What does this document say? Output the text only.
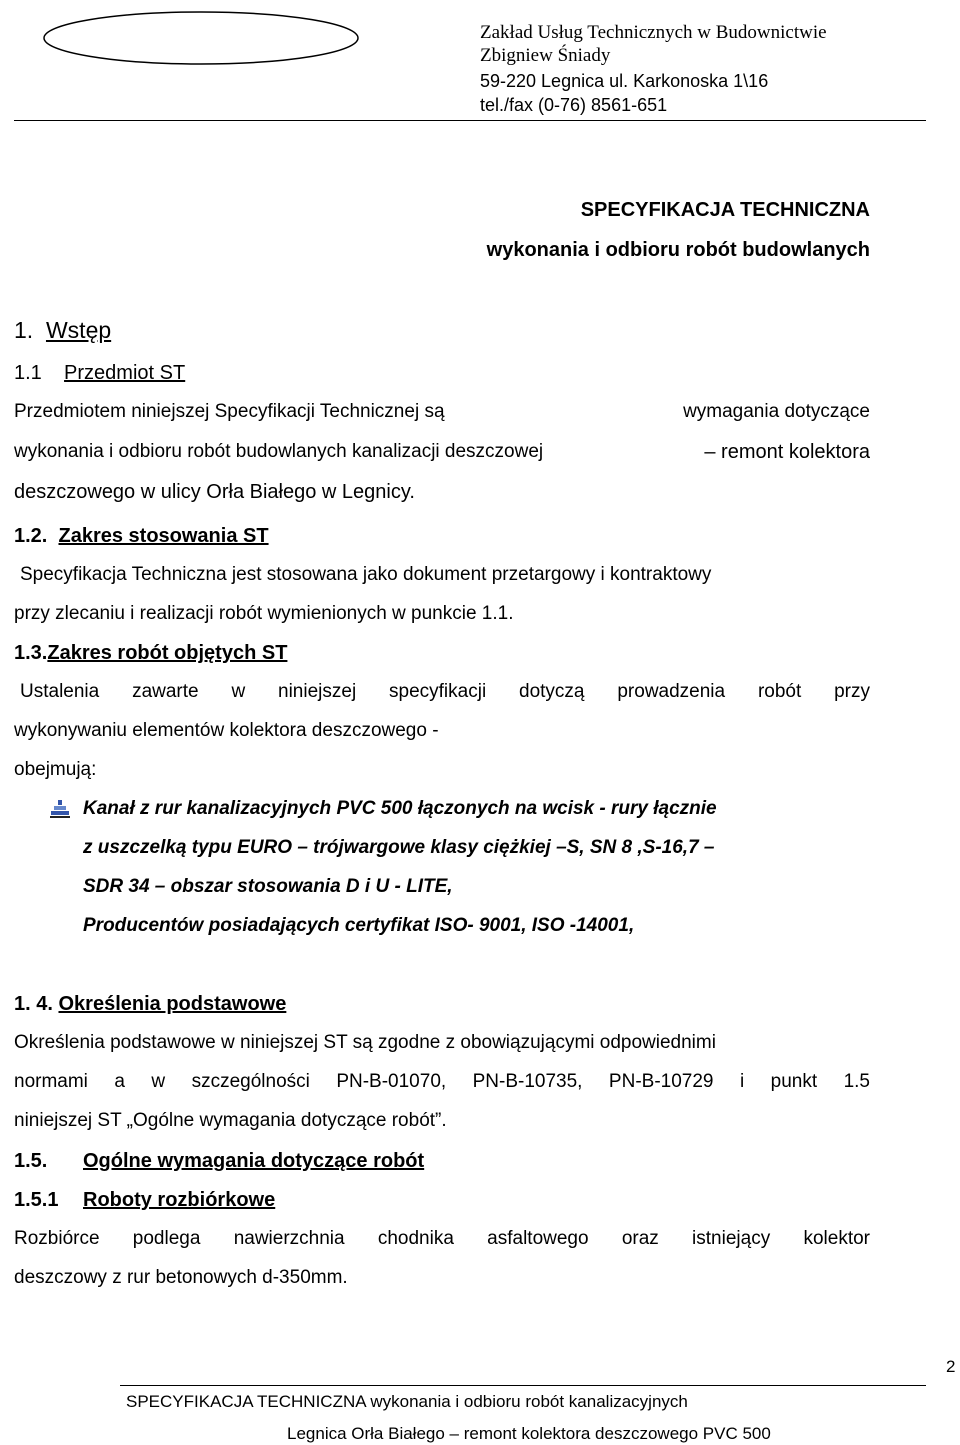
Zakład Usług Technicznych w Budownictwie
Zbigniew Śniady
59-220 Legnica ul. Karkonoska 1\16
tel./fax (0-76) 8561-651
SPECYFIKACJA TECHNICZNA
wykonania i odbioru robót budowlanych
1. Wstęp
1.1 Przedmiot ST
Przedmiotem niniejszej Specyfikacji Technicznej są	wymagania dotyczące
wykonania i odbioru robót budowlanych kanalizacji deszczowej	– remont kolektora
deszczowego w ulicy Orła Białego w Legnicy.
1.2. Zakres stosowania ST
Specyfikacja Techniczna jest stosowana jako dokument przetargowy i kontraktowy
przy zlecaniu i realizacji robót wymienionych w punkcie 1.1.
1.3.Zakres robót objętych ST
Ustalenia zawarte w niniejszej specyfikacji dotyczą prowadzenia robót przy
wykonywaniu elementów kolektora deszczowego -
obejmują:
Kanał z rur kanalizacyjnych PVC 500 łączonych na wcisk - rury łącznie
z uszczelką typu EURO – trójwargowe klasy ciężkiej –S, SN 8 ,S-16,7 –
SDR 34 – obszar stosowania D i U - LITE,
Producentów posiadających certyfikat ISO- 9001, ISO -14001,
1. 4. Określenia podstawowe
Określenia podstawowe w niniejszej ST są zgodne z obowiązującymi odpowiednimi
normami a w szczególności PN-B-01070, PN-B-10735, PN-B-10729 i punkt 1.5
niniejszej ST „Ogólne wymagania dotyczące robót”.
1.5. Ogólne wymagania dotyczące robót
1.5.1 Roboty rozbiórkowe
Rozbiórce podlega nawierzchnia chodnika asfaltowego oraz istniejący kolektor
deszczowy z rur betonowych d-350mm.
2
SPECYFIKACJA TECHNICZNA wykonania i odbioru robót kanalizacyjnych
Legnica Orła Białego – remont kolektora deszczowego PVC 500
